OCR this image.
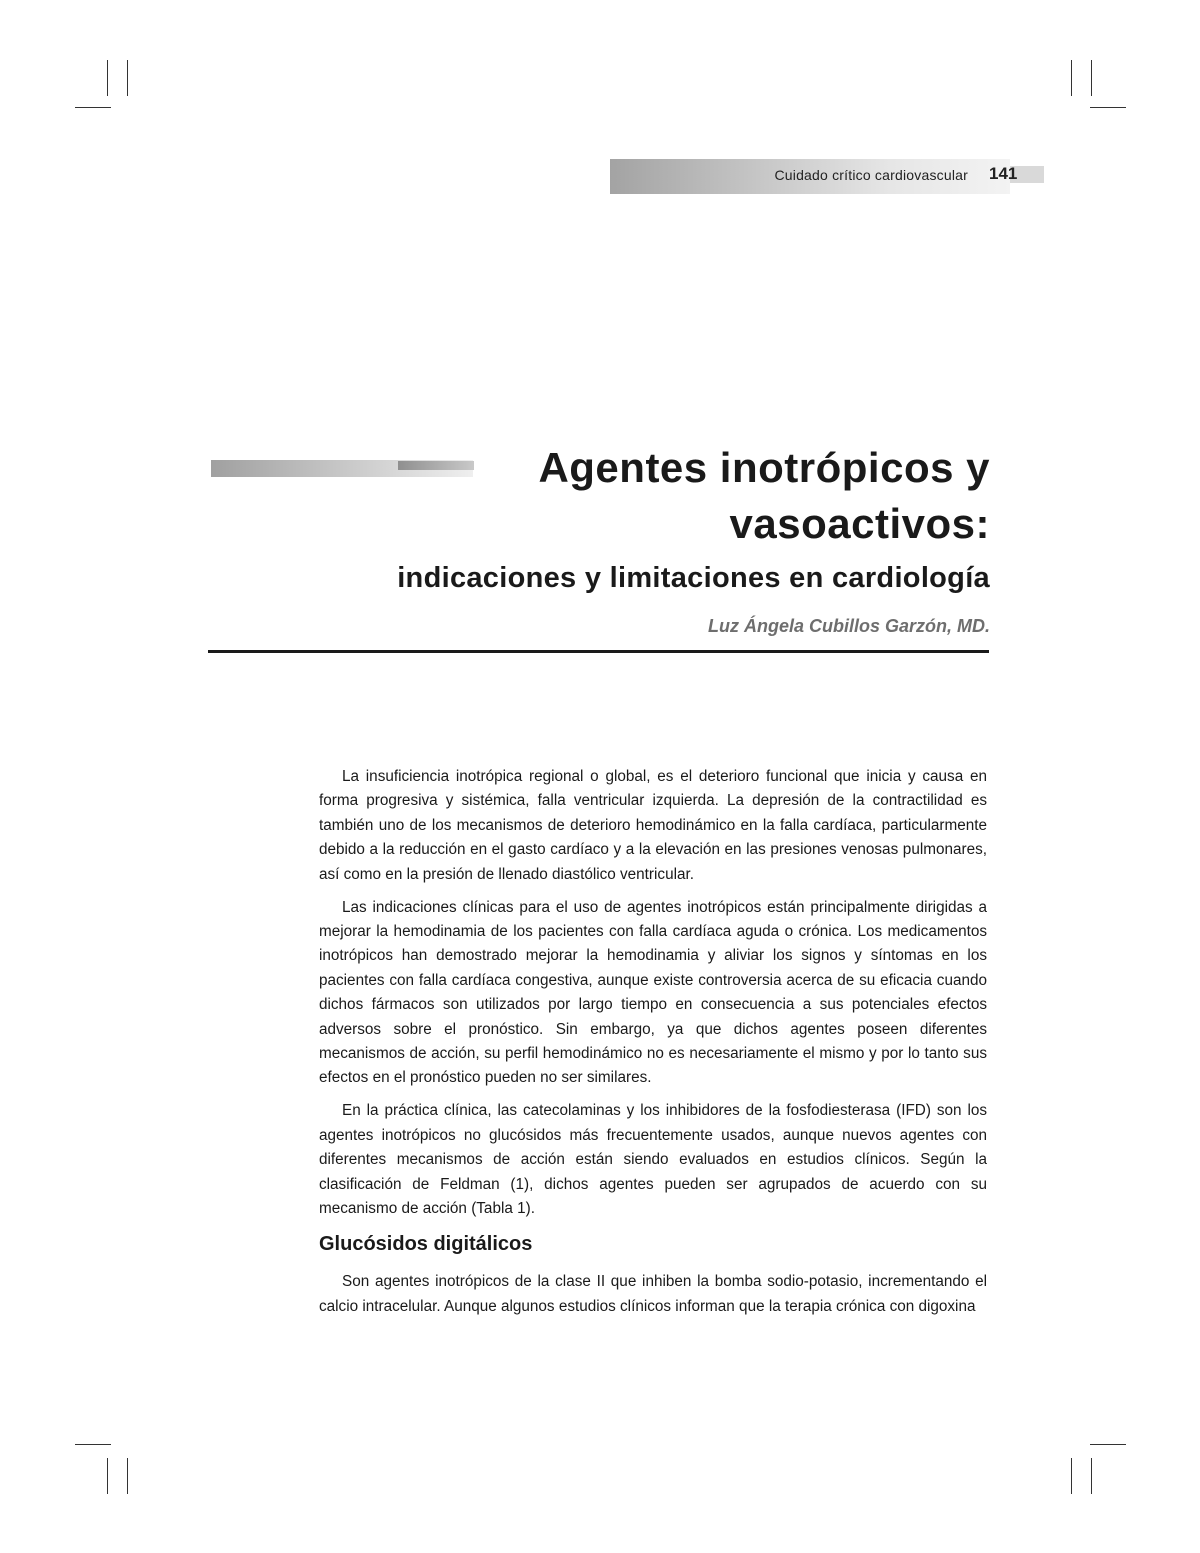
Cuidado crítico cardiovascular 141
Agentes inotrópicos y
vasoactivos:
indicaciones y limitaciones en cardiología
Luz Ángela Cubillos Garzón, MD.

La insuficiencia inotrópica regional o global, es el deterioro funcional que inicia y causa en forma progresiva y sistémica, falla ventricular izquierda. La depresión de la contractilidad es también uno de los mecanismos de deterioro hemodinámico en la falla cardíaca, particularmente debido a la reducción en el gasto cardíaco y a la elevación en las presiones venosas pulmonares, así como en la presión de llenado diastólico ventricular.

Las indicaciones clínicas para el uso de agentes inotrópicos están principalmente dirigidas a mejorar la hemodinamia de los pacientes con falla cardíaca aguda o crónica. Los medicamentos inotrópicos han demostrado mejorar la hemodinamia y aliviar los signos y síntomas en los pacientes con falla cardíaca congestiva, aunque existe controversia acerca de su eficacia cuando dichos fármacos son utilizados por largo tiempo en consecuencia a sus potenciales efectos adversos sobre el pronóstico. Sin embargo, ya que dichos agentes poseen diferentes mecanismos de acción, su perfil hemodinámico no es necesariamente el mismo y por lo tanto sus efectos en el pronóstico pueden no ser similares.

En la práctica clínica, las catecolaminas y los inhibidores de la fosfodiesterasa (IFD) son los agentes inotrópicos no glucósidos más frecuentemente usados, aunque nuevos agentes con diferentes mecanismos de acción están siendo evaluados en estudios clínicos. Según la clasificación de Feldman (1), dichos agentes pueden ser agrupados de acuerdo con su mecanismo de acción (Tabla 1).

Glucósidos digitálicos

Son agentes inotrópicos de la clase II que inhiben la bomba sodio-potasio, incrementando el calcio intracelular. Aunque algunos estudios clínicos informan que la terapia crónica con digoxina
